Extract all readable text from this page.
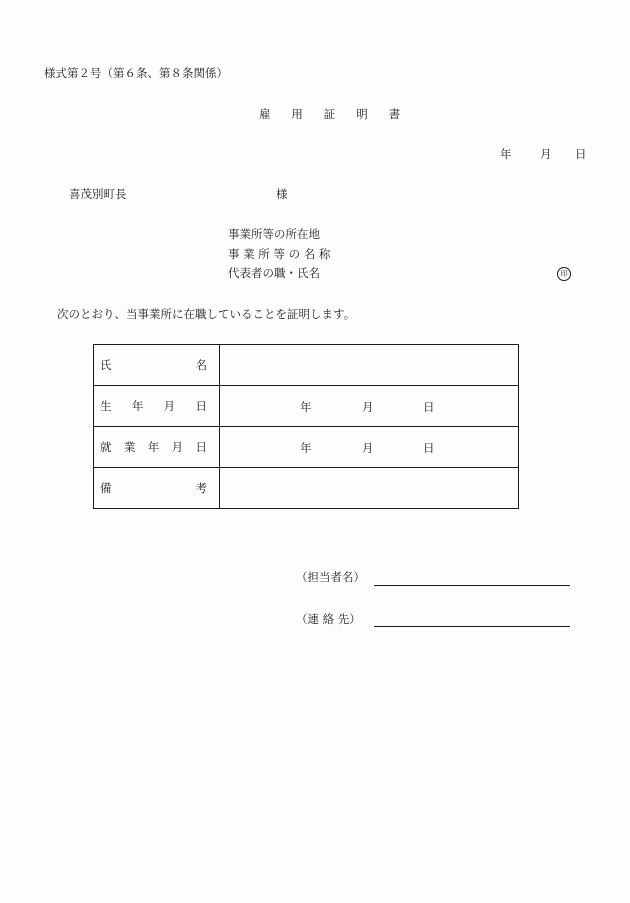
様式第２号（第６条、第８条関係）
雇 用 証 明 書
年 月 日
喜茂別町長	様
事業所等の所在地
事 業 所 等 の 名 称
代表者の職・氏名	印
次のとおり、当事業所に在職していることを証明します。
氏 名	

生 年 月 日	年 月 日

就 業 年 月 日	年 月 日

備 考	

（担当者名）
（連 絡 先）
